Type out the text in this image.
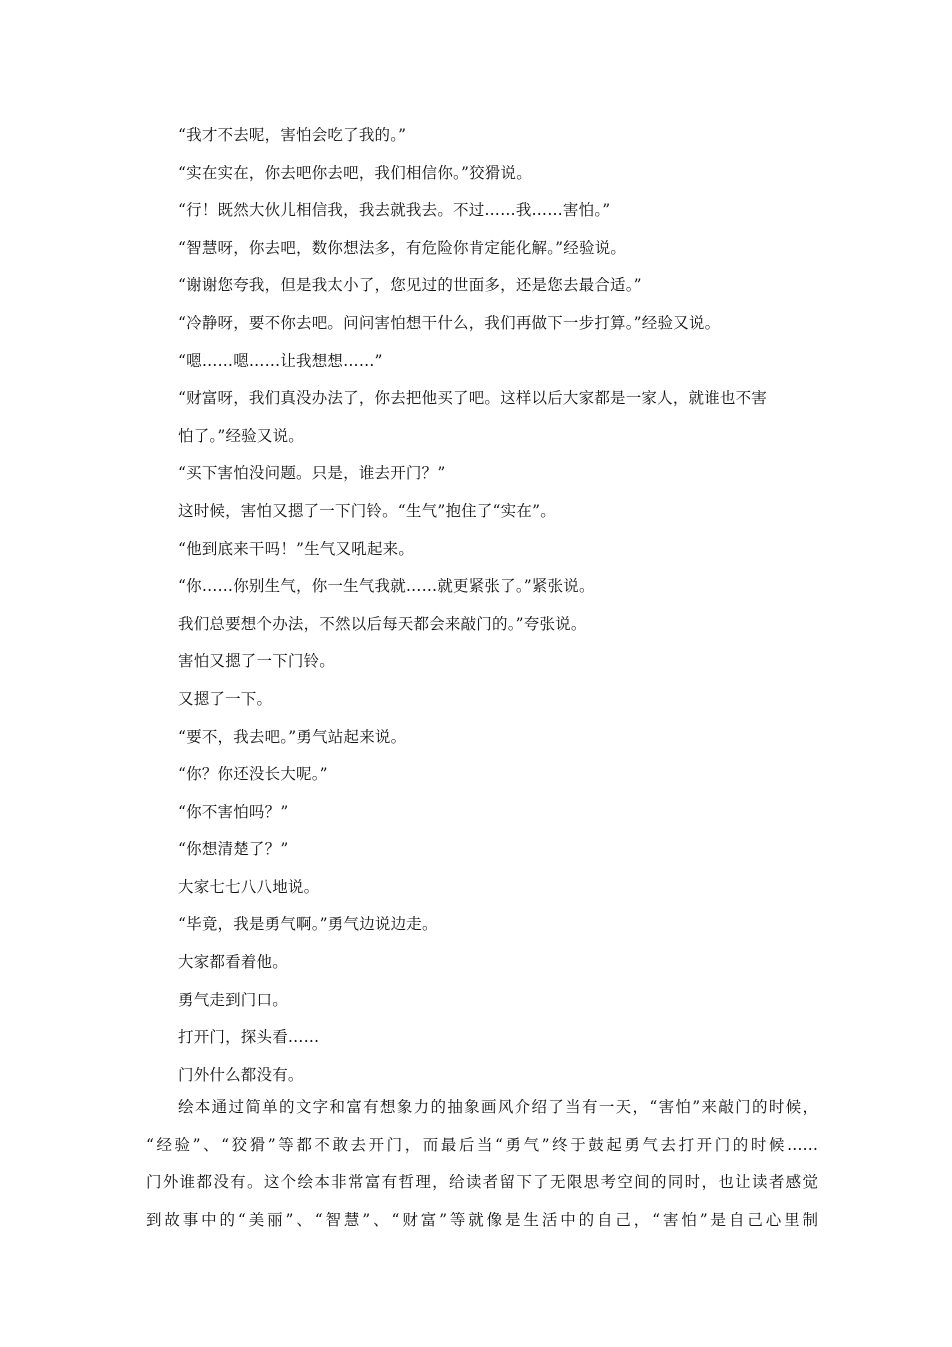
“我才不去呢，害怕会吃了我的。”
“实在实在，你去吧你去吧，我们相信你。”狡猾说。
“行！既然大伙儿相信我，我去就我去。不过……我……害怕。”
“智慧呀，你去吧，数你想法多，有危险你肯定能化解。”经验说。
“谢谢您夸我，但是我太小了，您见过的世面多，还是您去最合适。”
“冷静呀，要不你去吧。问问害怕想干什么，我们再做下一步打算。”经验又说。
“嗯……嗯……让我想想……”
“财富呀，我们真没办法了，你去把他买了吧。这样以后大家都是一家人，就谁也不害
怕了。”经验又说。
“买下害怕没问题。只是，谁去开门？”
这时候，害怕又摁了一下门铃。“生气”抱住了“实在”。
“他到底来干吗！”生气又吼起来。
“你……你别生气，你一生气我就……就更紧张了。”紧张说。
我们总要想个办法，不然以后每天都会来敲门的。”夸张说。
害怕又摁了一下门铃。
又摁了一下。
“要不，我去吧。”勇气站起来说。
“你？你还没长大呢。”
“你不害怕吗？”
“你想清楚了？”
大家七七八八地说。
“毕竟，我是勇气啊。”勇气边说边走。
大家都看着他。
勇气走到门口。
打开门，探头看……
门外什么都没有。
绘本通过简单的文字和富有想象力的抽象画风介绍了当有一天，“害怕”来敲门的时候，
“经验”、“狡猾”等都不敢去开门，而最后当“勇气”终于鼓起勇气去打开门的时候……
门外谁都没有。这个绘本非常富有哲理，给读者留下了无限思考空间的同时，也让读者感觉
到故事中的“美丽”、“智慧”、“财富”等就像是生活中的自己，“害怕”是自己心里制
